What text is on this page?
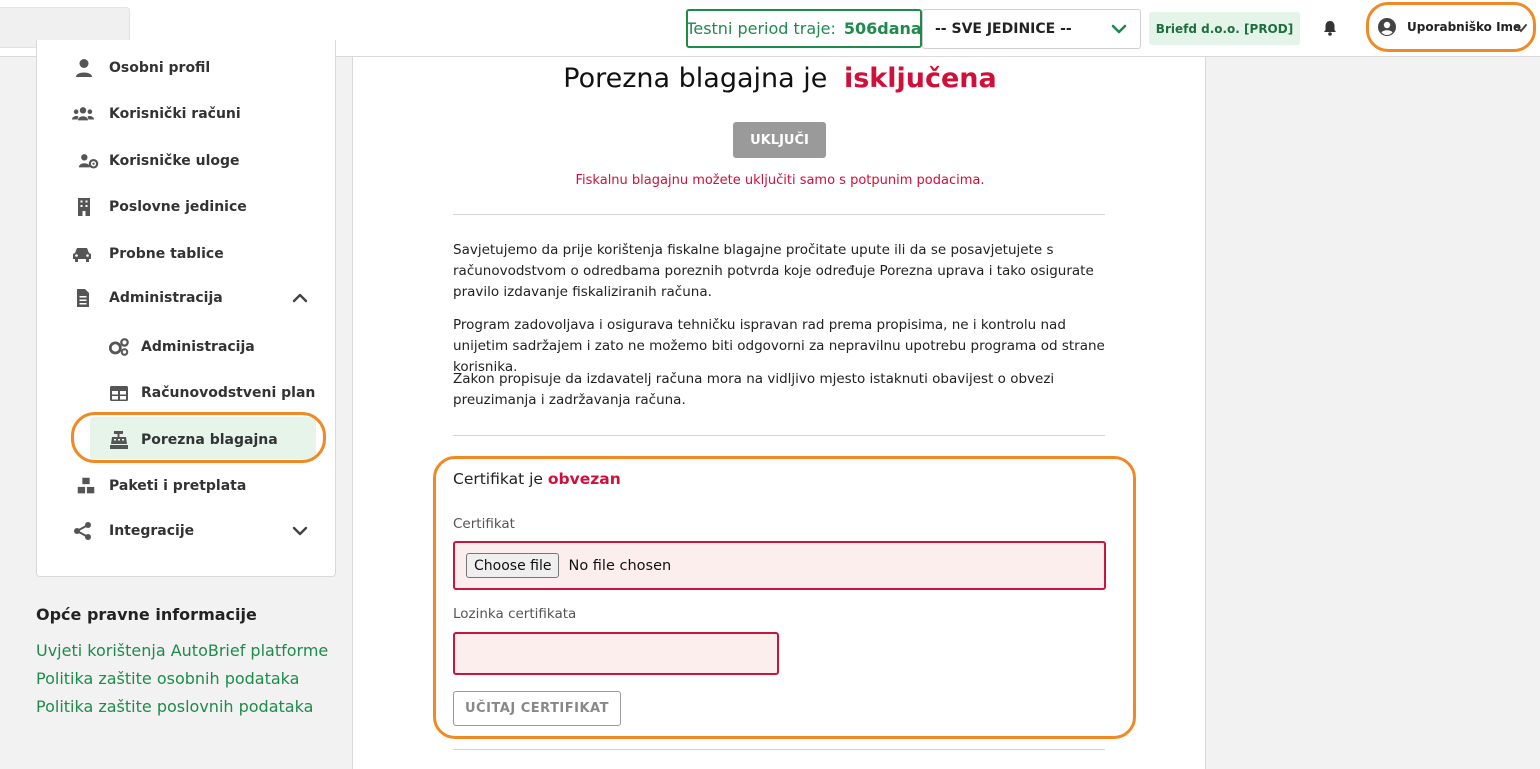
Testni period traje: 506dana -- SVE JEDINICE --	Briefd d.o.o. [PROD]	Uporabniško Ime
Osobni profil
Korisnički računi
Korisničke uloge
Poslovne jedinice
Probne tablice
Administracija
Administracija
Računovodstveni plan
Porezna blagajna
Paketi i pretplata
Integracije
Opće pravne informacije
Uvjeti korištenja AutoBrief platforme
Politika zaštite osobnih podataka
Politika zaštite poslovnih podataka
Porezna blagajna je isključena
UKLJUČI
Fiskalnu blagajnu možete uključiti samo s potpunim podacima.

Savjetujemo da prije korištenja fiskalne blagajne pročitate upute ili da se posavjetujete s računovodstvom o odredbama poreznih potvrda koje određuje Porezna uprava i tako osigurate pravilo izdavanje fiskaliziranih računa.

Program zadovoljava i osigurava tehničku ispravan rad prema propisima, ne i kontrolu nad unijetim sadržajem i zato ne možemo biti odgovorni za nepravilnu upotrebu programa od strane korisnika.

Zakon propisuje da izdavatelj računa mora na vidljivo mjesto istaknuti obavijest o obvezi preuzimanja i zadržavanja računa.

Certifikat je obvezan
Certifikat
Choose file	No file chosen
Lozinka certifikata
UČITAJ CERTIFIKAT
